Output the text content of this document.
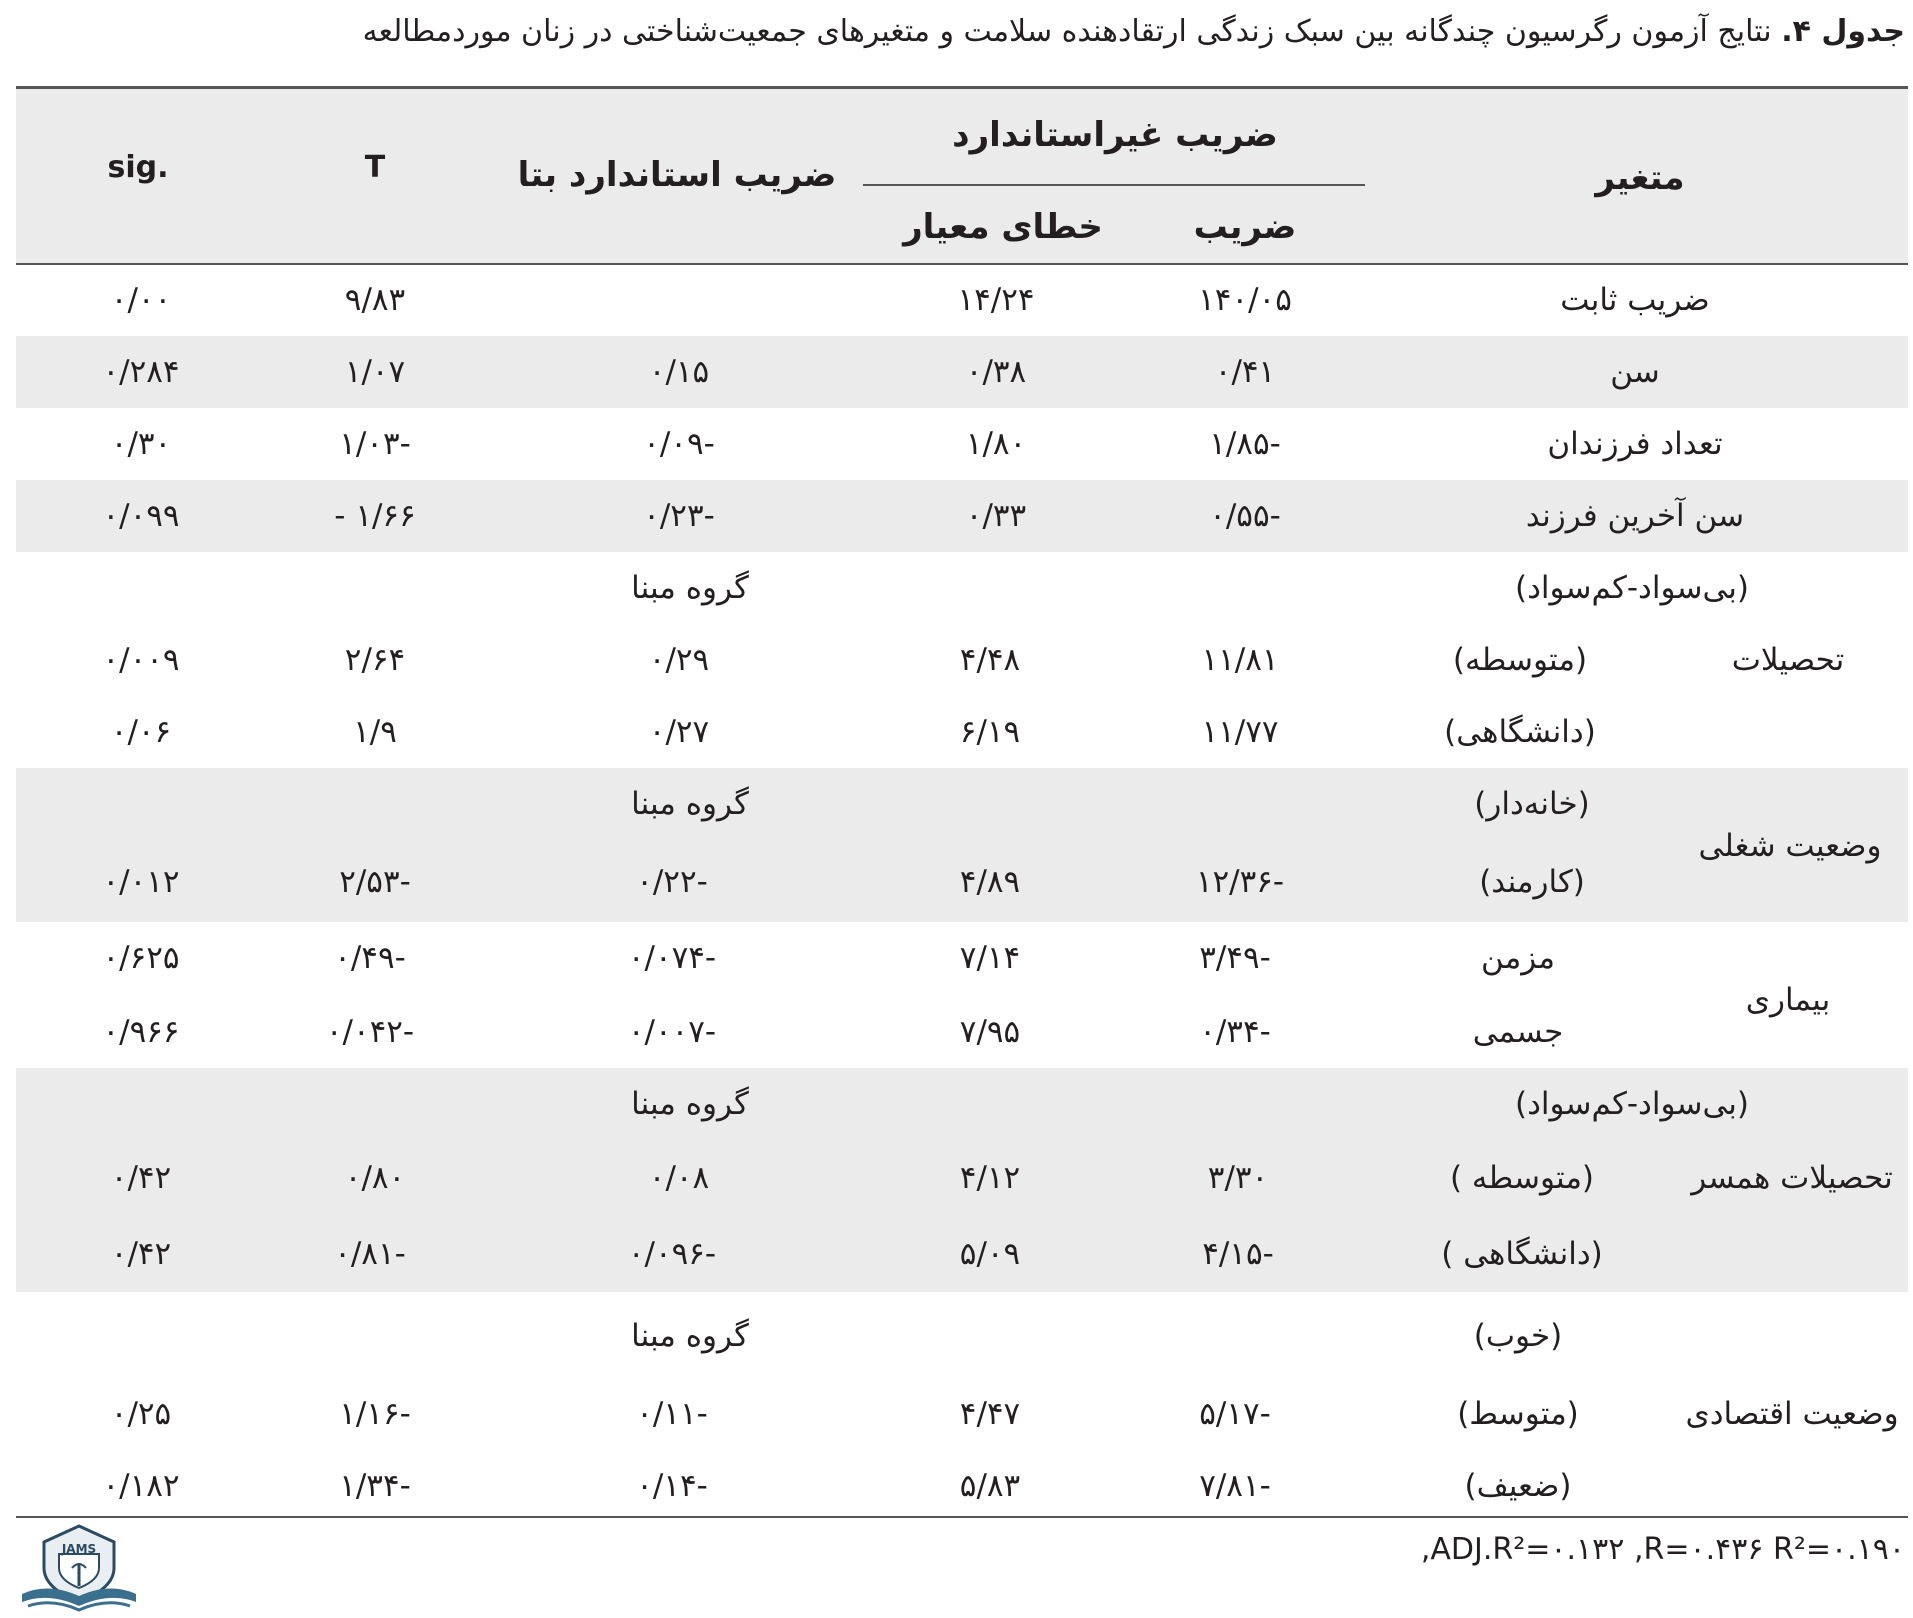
جدول ۴. نتایج آزمون رگرسیون چندگانه بین سبک زندگی ارتقادهنده سلامت و متغیرهای جمعیت‌شناختی در زنان موردمطالعه
متغیر
ضریب غیراستاندارد
ضریب
خطای معیار
ضریب استاندارد بتا
T
sig.
ضریب ثابت
۱۴۰/۰۵
۱۴/۲۴
۹/۸۳
۰/۰۰
سن
۰/۴۱
۰/۳۸
۰/۱۵
۱/۰۷
۰/۲۸۴
تعداد فرزندان
-۱/۸۵
۱/۸۰
-۰/۰۹
-۱/۰۳
۰/۳۰
سن آخرین فرزند
-۰/۵۵
۰/۳۳
-۰/۲۳
۱/۶۶ -
۰/۰۹۹
(بی‌سواد-کم‌سواد)
گروه مبنا
تحصیلات
(متوسطه)
۱۱/۸۱
۴/۴۸
۰/۲۹
۲/۶۴
۰/۰۰۹
(دانشگاهی)
۱۱/۷۷
۶/۱۹
۰/۲۷
۱/۹
۰/۰۶
وضعیت شغلی
(خانه‌دار)
گروه مبنا
(کارمند)
-۱۲/۳۶
۴/۸۹
-۰/۲۲
-۲/۵۳
۰/۰۱۲
بیماری
مزمن
-۳/۴۹
۷/۱۴
-۰/۰۷۴
-۰/۴۹
۰/۶۲۵
جسمی
-۰/۳۴
۷/۹۵
-۰/۰۰۷
-۰/۰۴۲
۰/۹۶۶
(بی‌سواد-کم‌سواد)
گروه مبنا
تحصیلات همسر
(متوسطه )
۳/۳۰
۴/۱۲
۰/۰۸
۰/۸۰
۰/۴۲
(دانشگاهی )
-۴/۱۵
۵/۰۹
-۰/۰۹۶
-۰/۸۱
۰/۴۲
(خوب)
گروه مبنا
وضعیت اقتصادی
(متوسط)
-۵/۱۷
۴/۴۷
-۰/۱۱
-۱/۱۶
۰/۲۵
(ضعیف)
-۷/۸۱
۵/۸۳
-۰/۱۴
-۱/۳۴
۰/۱۸۲
,ADJ.R²=۰.۱۳۲ ,R=۰.۴۳۶ R²=۰.۱۹۰
JAMS
